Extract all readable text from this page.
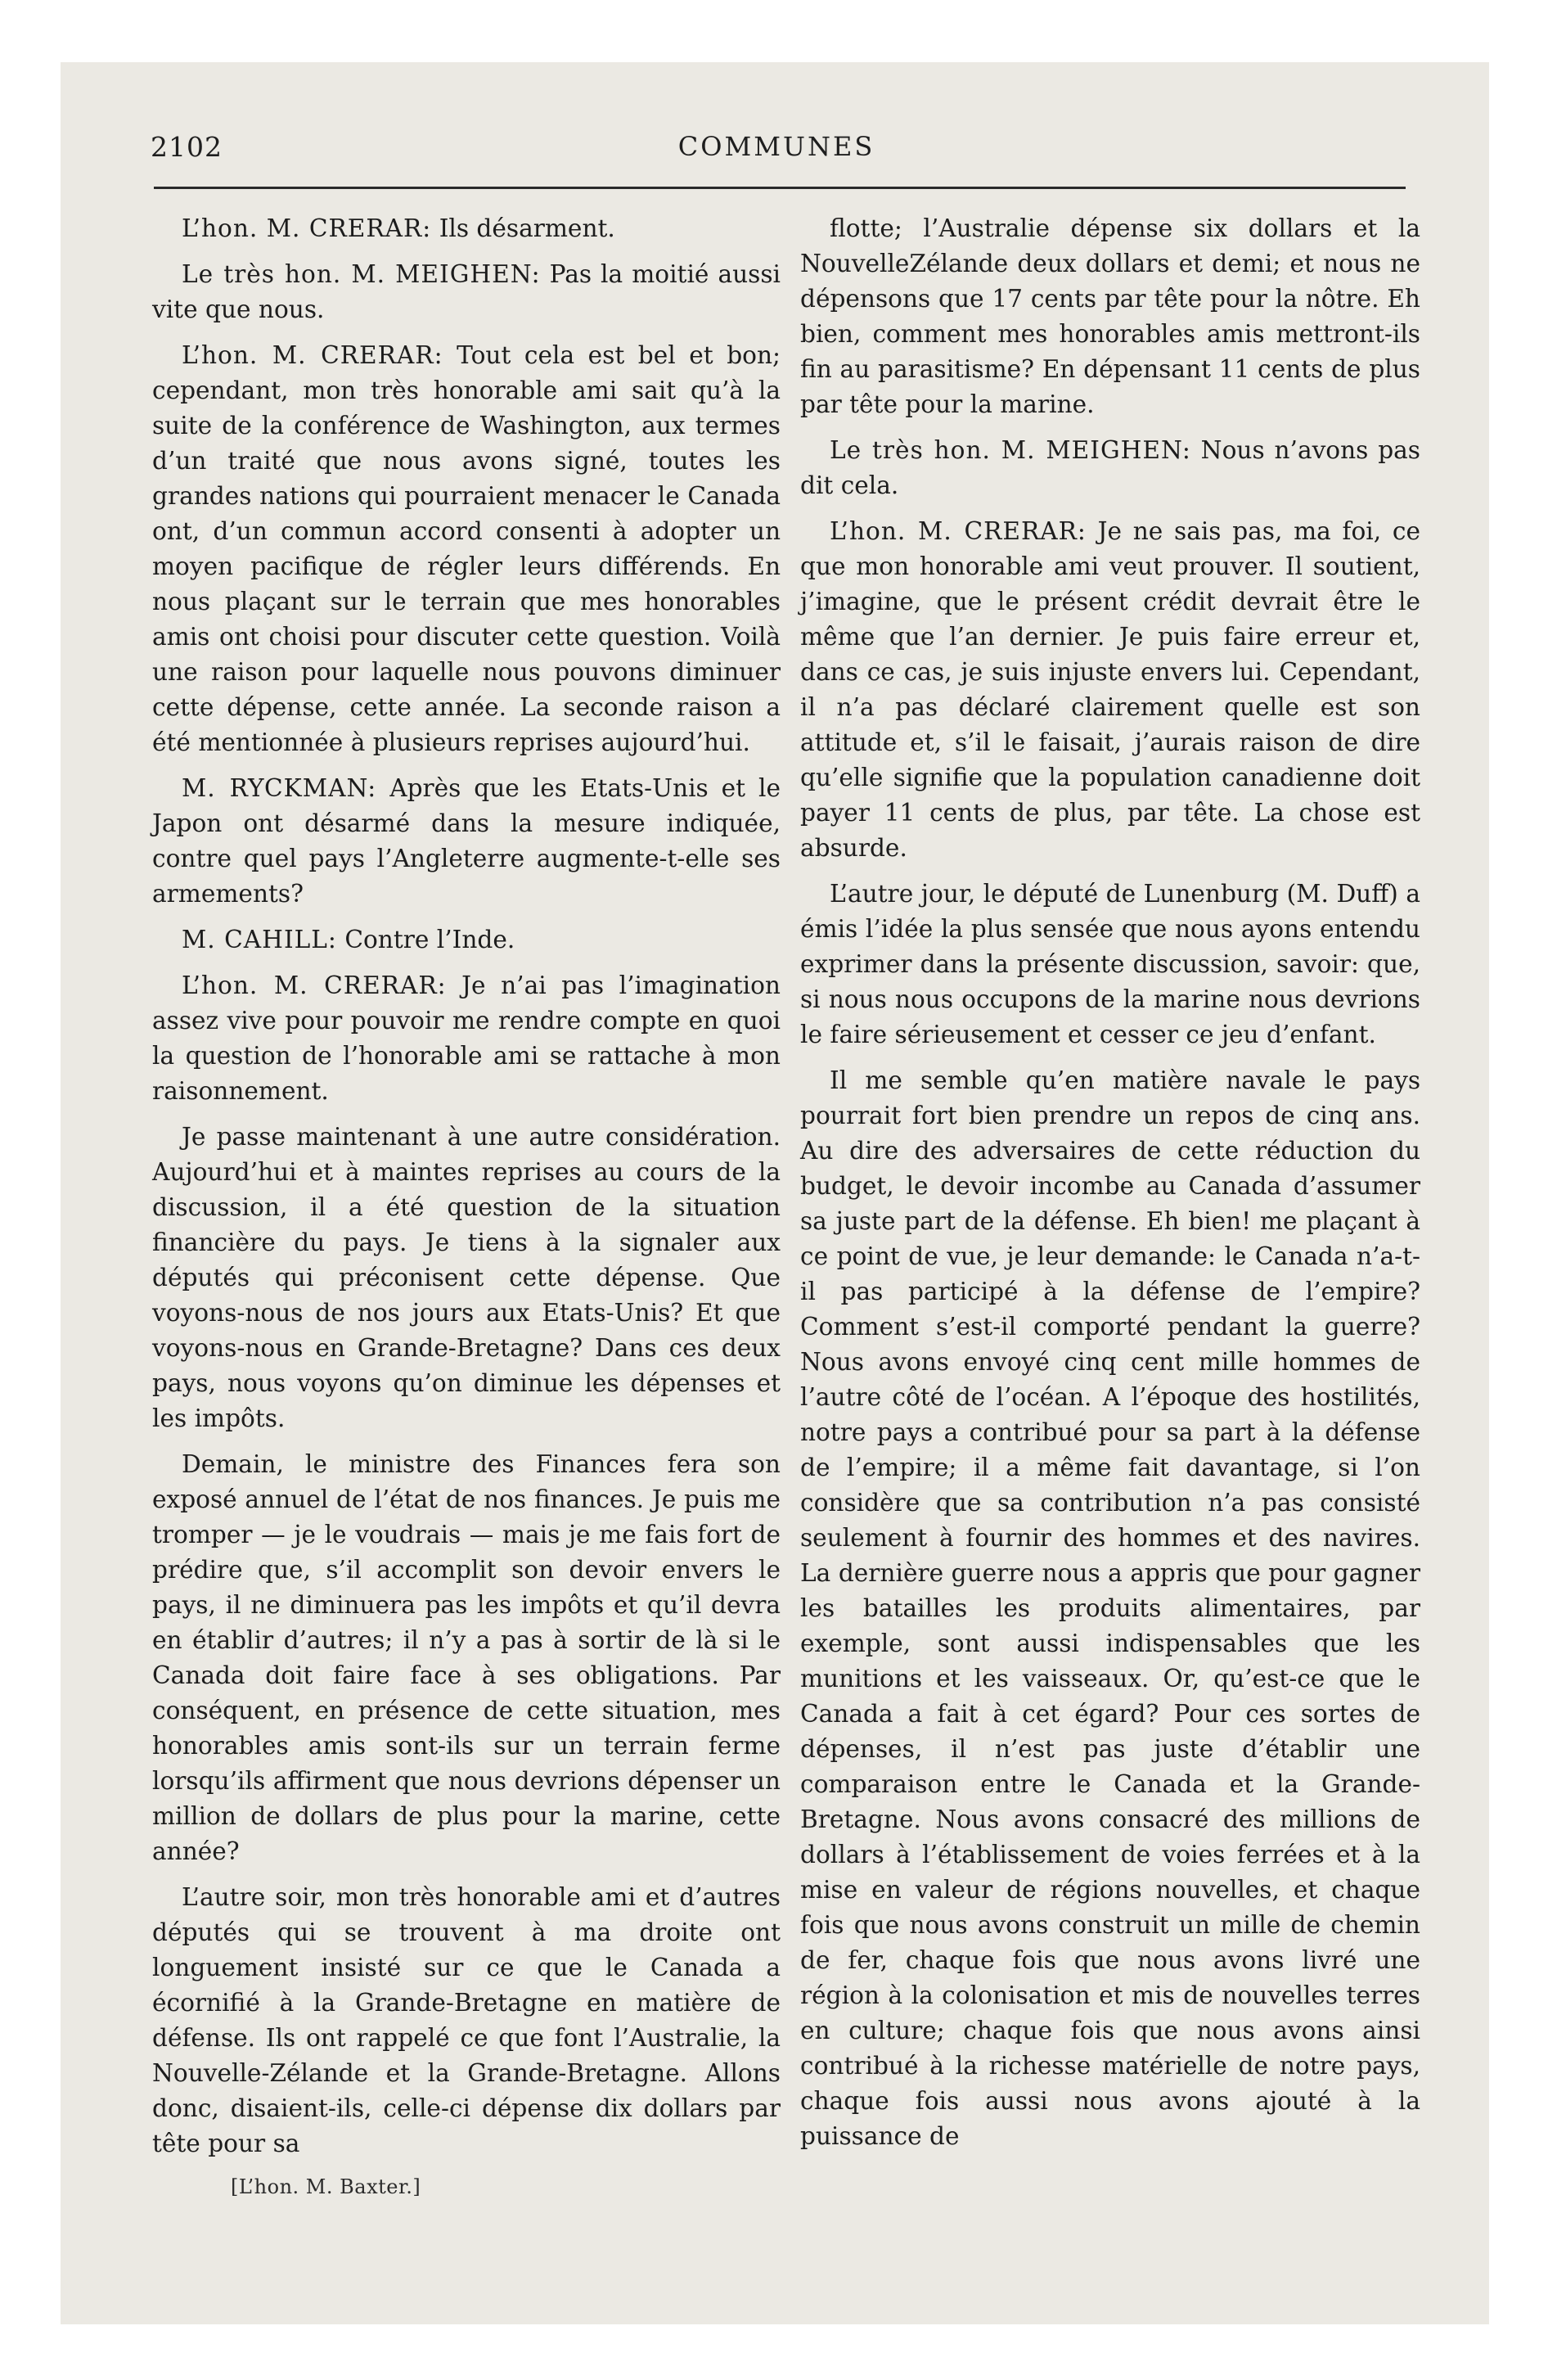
2102	COMMUNES

L’hon. M. CRERAR: Ils désarment.

Le très hon. M. MEIGHEN: Pas la moitié aussi vite que nous.

L’hon. M. CRERAR: Tout cela est bel et bon; cependant, mon très honorable ami sait qu’à la suite de la conférence de Washington, aux termes d’un traité que nous avons signé, toutes les grandes nations qui pourraient menacer le Canada ont, d’un commun accord consenti à adopter un moyen pacifique de régler leurs différends. En nous plaçant sur le terrain que mes honorables amis ont choisi pour discuter cette question. Voilà une raison pour laquelle nous pouvons diminuer cette dépense, cette année. La seconde raison a été mentionnée à plusieurs reprises aujourd’hui.

M. RYCKMAN: Après que les Etats-Unis et le Japon ont désarmé dans la mesure indiquée, contre quel pays l’Angleterre augmente-t-elle ses armements?

M. CAHILL: Contre l’Inde.

L’hon. M. CRERAR: Je n’ai pas l’imagination assez vive pour pouvoir me rendre compte en quoi la question de l’honorable ami se rattache à mon raisonnement.

Je passe maintenant à une autre considération. Aujourd’hui et à maintes reprises au cours de la discussion, il a été question de la situation financière du pays. Je tiens à la signaler aux députés qui préconisent cette dépense. Que voyons-nous de nos jours aux Etats-Unis? Et que voyons-nous en Grande-Bretagne? Dans ces deux pays, nous voyons qu’on diminue les dépenses et les impôts.

Demain, le ministre des Finances fera son exposé annuel de l’état de nos finances. Je puis me tromper — je le voudrais — mais je me fais fort de prédire que, s’il accomplit son devoir envers le pays, il ne diminuera pas les impôts et qu’il devra en établir d’autres; il n’y a pas à sortir de là si le Canada doit faire face à ses obligations. Par conséquent, en présence de cette situation, mes honorables amis sont-ils sur un terrain ferme lorsqu’ils affirment que nous devrions dépenser un million de dollars de plus pour la marine, cette année?

L’autre soir, mon très honorable ami et d’autres députés qui se trouvent à ma droite ont longuement insisté sur ce que le Canada a écornifié à la Grande-Bretagne en matière de défense. Ils ont rappelé ce que font l’Australie, la Nouvelle-Zélande et la Grande-Bretagne. Allons donc, disaient-ils, celle-ci dépense dix dollars par tête pour sa

flotte; l’Australie dépense six dollars et la NouvelleZélande deux dollars et demi; et nous ne dépensons que 17 cents par tête pour la nôtre. Eh bien, comment mes honorables amis mettront-ils fin au parasitisme? En dépensant 11 cents de plus par tête pour la marine.

Le très hon. M. MEIGHEN: Nous n’avons pas dit cela.

L’hon. M. CRERAR: Je ne sais pas, ma foi, ce que mon honorable ami veut prouver. Il soutient, j’imagine, que le présent crédit devrait être le même que l’an dernier. Je puis faire erreur et, dans ce cas, je suis injuste envers lui. Cependant, il n’a pas déclaré clairement quelle est son attitude et, s’il le faisait, j’aurais raison de dire qu’elle signifie que la population canadienne doit payer 11 cents de plus, par tête. La chose est absurde.

L’autre jour, le député de Lunenburg (M. Duff) a émis l’idée la plus sensée que nous ayons entendu exprimer dans la présente discussion, savoir: que, si nous nous occupons de la marine nous devrions le faire sérieusement et cesser ce jeu d’enfant.

Il me semble qu’en matière navale le pays pourrait fort bien prendre un repos de cinq ans. Au dire des adversaires de cette réduction du budget, le devoir incombe au Canada d’assumer sa juste part de la défense. Eh bien! me plaçant à ce point de vue, je leur demande: le Canada n’a-t-il pas participé à la défense de l’empire? Comment s’est-il comporté pendant la guerre? Nous avons envoyé cinq cent mille hommes de l’autre côté de l’océan. A l’époque des hostilités, notre pays a contribué pour sa part à la défense de l’empire; il a même fait davantage, si l’on considère que sa contribution n’a pas consisté seulement à fournir des hommes et des navires. La dernière guerre nous a appris que pour gagner les batailles les produits alimentaires, par exemple, sont aussi indispensables que les munitions et les vaisseaux. Or, qu’est-ce que le Canada a fait à cet égard? Pour ces sortes de dépenses, il n’est pas juste d’établir une comparaison entre le Canada et la Grande-Bretagne. Nous avons consacré des millions de dollars à l’établissement de voies ferrées et à la mise en valeur de régions nouvelles, et chaque fois que nous avons construit un mille de chemin de fer, chaque fois que nous avons livré une région à la colonisation et mis de nouvelles terres en culture; chaque fois que nous avons ainsi contribué à la richesse matérielle de notre pays, chaque fois aussi nous avons ajouté à la puissance de

[L’hon. M. Baxter.]
